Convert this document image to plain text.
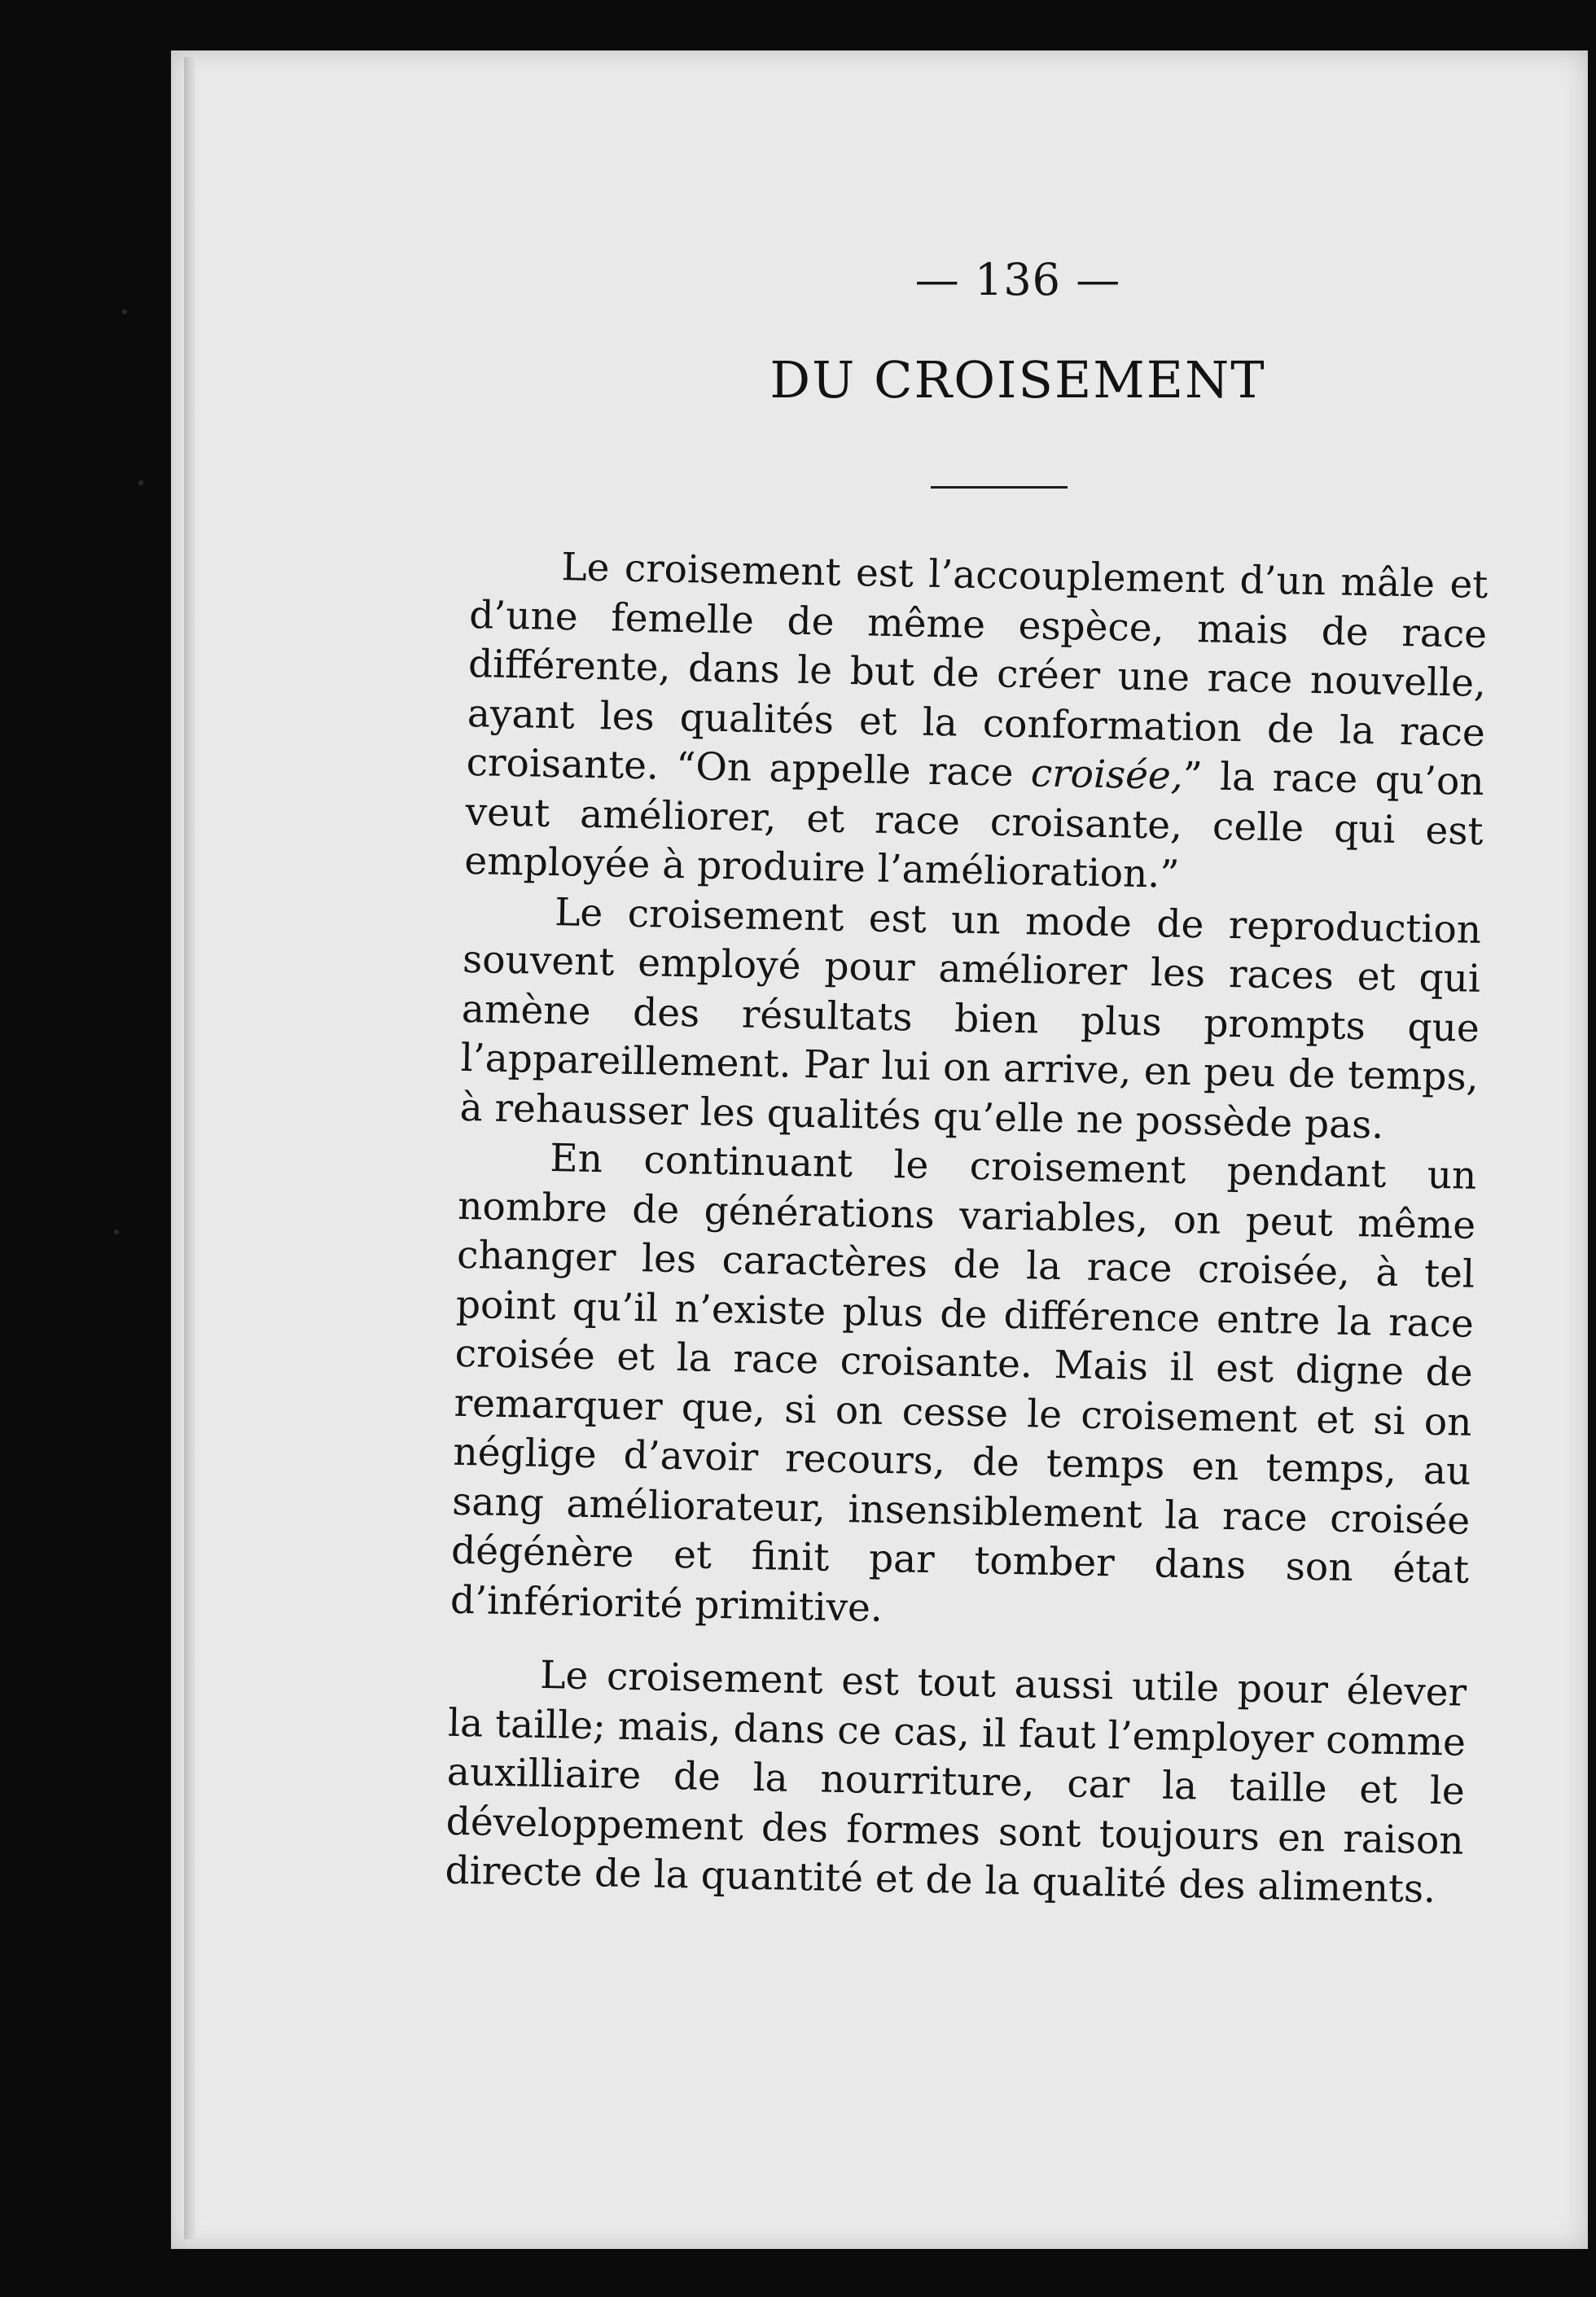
— 136 —
DU CROISEMENT

Le croisement est l’accouplement d’un mâle et d’une femelle de même espèce, mais de race différente, dans le but de créer une race nouvelle, ayant les qualités et la conformation de la race croisante. “On appelle race croisée,” la race qu’on veut améliorer, et race croisante, celle qui est employée à produire l’amélioration.”

Le croisement est un mode de reproduction souvent employé pour améliorer les races et qui amène des résultats bien plus prompts que l’appareillement. Par lui on arrive, en peu de temps, à rehausser les qualités qu’elle ne possède pas.

En continuant le croisement pendant un nombre de générations variables, on peut même changer les caractères de la race croisée, à tel point qu’il n’existe plus de différence entre la race croisée et la race croisante. Mais il est digne de remarquer que, si on cesse le croisement et si on néglige d’avoir recours, de temps en temps, au sang améliorateur, insensiblement la race croisée dégénère et finit par tomber dans son état d’infériorité primitive.

Le croisement est tout aussi utile pour élever la taille; mais, dans ce cas, il faut l’employer comme auxilliaire de la nourriture, car la taille et le développement des formes sont toujours en raison directe de la quantité et de la qualité des aliments.
